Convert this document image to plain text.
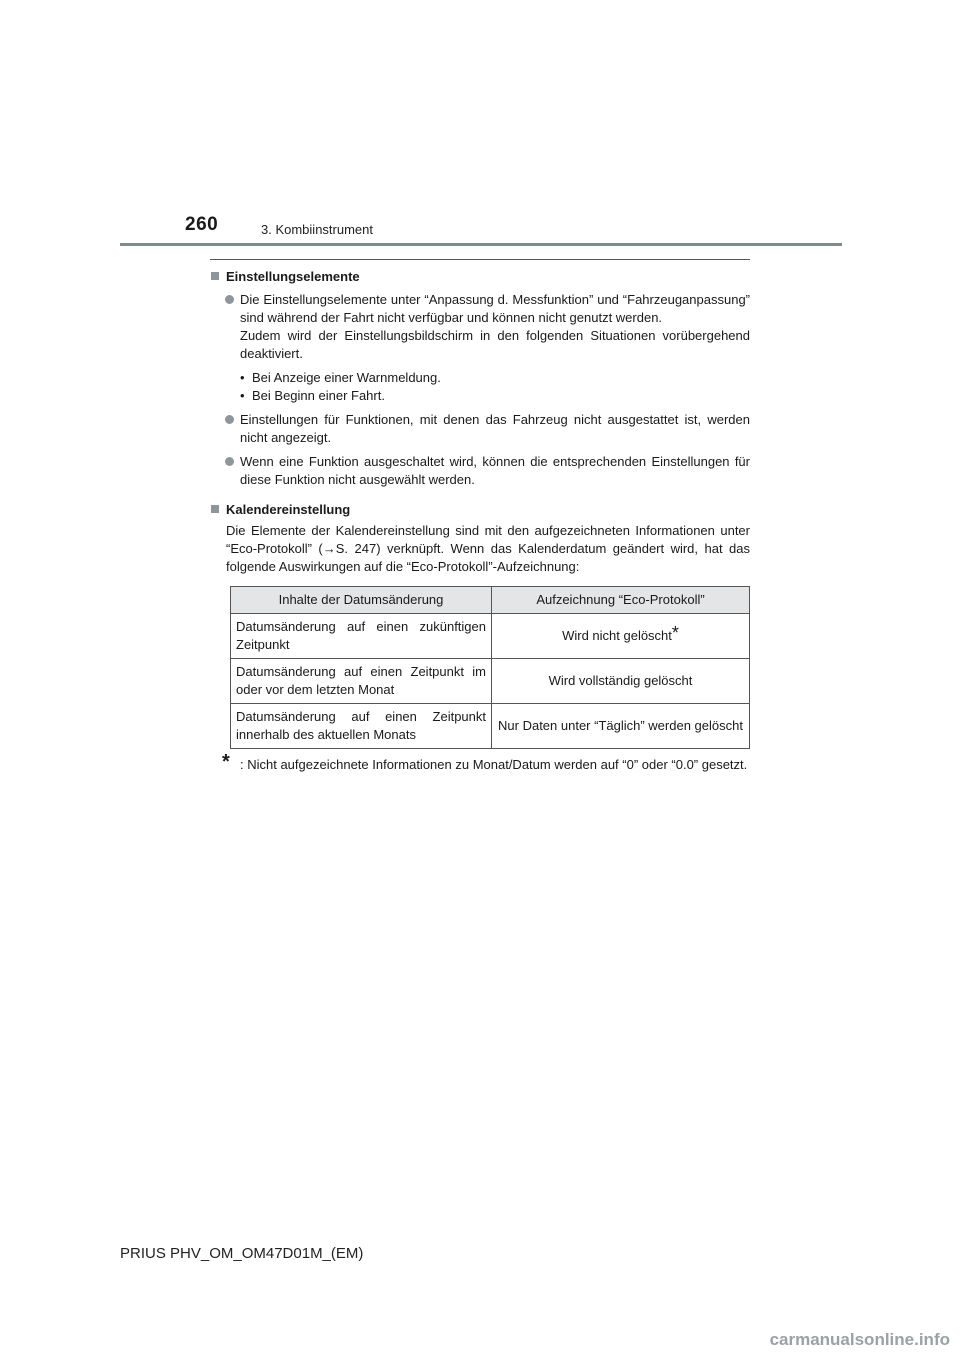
260	3. Kombiinstrument
Einstellungselemente

Die Einstellungselemente unter “Anpassung d. Messfunktion” und “Fahrzeuganpassung” sind während der Fahrt nicht verfügbar und können nicht genutzt werden.

Zudem wird der Einstellungsbildschirm in den folgenden Situationen vorübergehend deaktiviert.

• Bei Anzeige einer Warnmeldung.
• Bei Beginn einer Fahrt.

Einstellungen für Funktionen, mit denen das Fahrzeug nicht ausgestattet ist, werden nicht angezeigt.

Wenn eine Funktion ausgeschaltet wird, können die entsprechenden Einstellungen für diese Funktion nicht ausgewählt werden.

Kalendereinstellung
Die Elemente der Kalendereinstellung sind mit den aufgezeichneten Informationen unter “Eco-Protokoll” (→S. 247) verknüpft. Wenn das Kalenderdatum geändert wird, hat das folgende Auswirkungen auf die “Eco-Protokoll”-Aufzeichnung:
Inhalte der Datumsänderung	Aufzeichnung “Eco-Protokoll”
Datumsänderung auf einen zukünftigen Zeitpunkt	Wird nicht gelöscht*
Datumsänderung auf einen Zeitpunkt im oder vor dem letzten Monat	Wird vollständig gelöscht
Datumsänderung auf einen Zeitpunkt innerhalb des aktuellen Monats	Nur Daten unter “Täglich” werden gelöscht
* : Nicht aufgezeichnete Informationen zu Monat/Datum werden auf “0” oder “0.0” gesetzt.
PRIUS PHV_OM_OM47D01M_(EM)
carmanualsonline.info
